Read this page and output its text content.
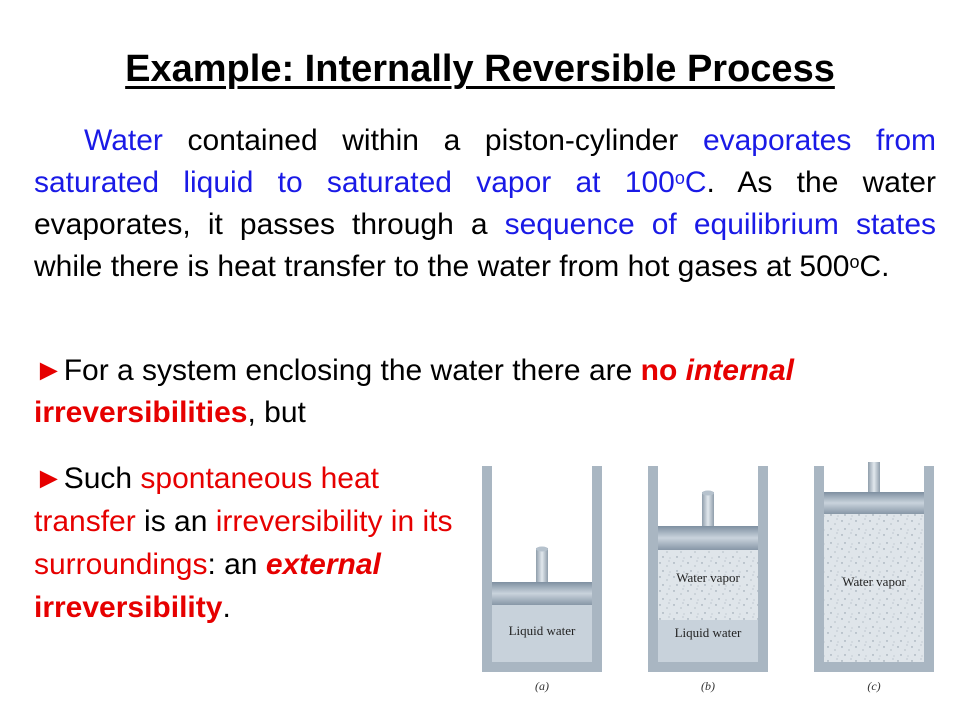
Example: Internally Reversible Process

Water contained within a piston-cylinder evaporates from saturated liquid to saturated vapor at 100$^o$C. As the water evaporates, it passes through a sequence of equilibrium states while there is heat transfer to the water from hot gases at 500$^o$C.

►For a system enclosing the water there are no internal irreversibilities, but

►Such spontaneous heat transfer is an irreversibility in its surroundings: an external irreversibility.

Liquid water
(a)
Water vapor
Liquid water
(b)
Water vapor
(c)
